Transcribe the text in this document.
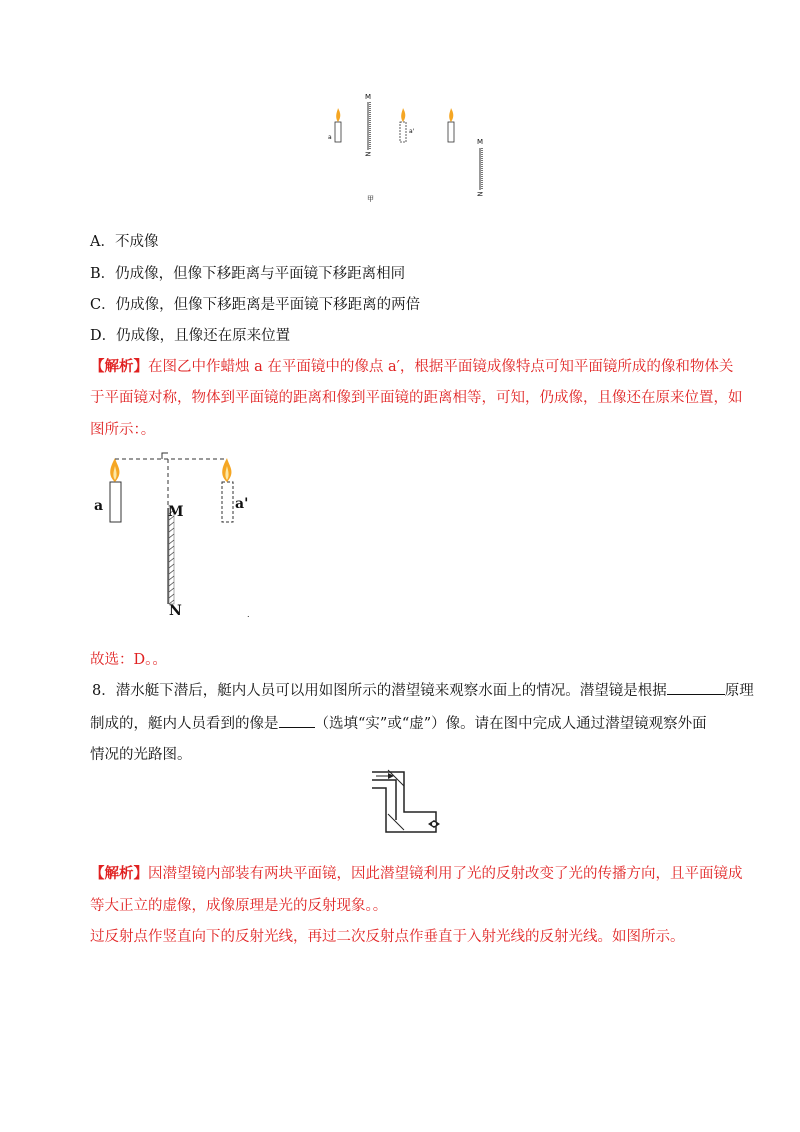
a
M
N
a'
M
N
甲
A．不成像
B．仍成像，但像下移距离与平面镜下移距离相同
C．仍成像，但像下移距离是平面镜下移距离的两倍
D．仍成像，且像还在原来位置
【解析】在图乙中作蜡烛 a 在平面镜中的像点 a′，根据平面镜成像特点可知平面镜所成的像和物体关
于平面镜对称，物体到平面镜的距离和像到平面镜的距离相等，可知，仍成像，且像还在原来位置，如
图所示：。
a	M	a'
N	.
故选：D。。
8．潜水艇下潜后，艇内人员可以用如图所示的潜望镜来观察水面上的情况。潜望镜是根据	原理
制成的，艇内人员看到的像是 （选填“实”或“虚”）像。请在图中完成人通过潜望镜观察外面
情况的光路图。
【解析】因潜望镜内部装有两块平面镜，因此潜望镜利用了光的反射改变了光的传播方向，且平面镜成
等大正立的虚像，成像原理是光的反射现象。。
过反射点作竖直向下的反射光线，再过二次反射点作垂直于入射光线的反射光线。如图所示。
